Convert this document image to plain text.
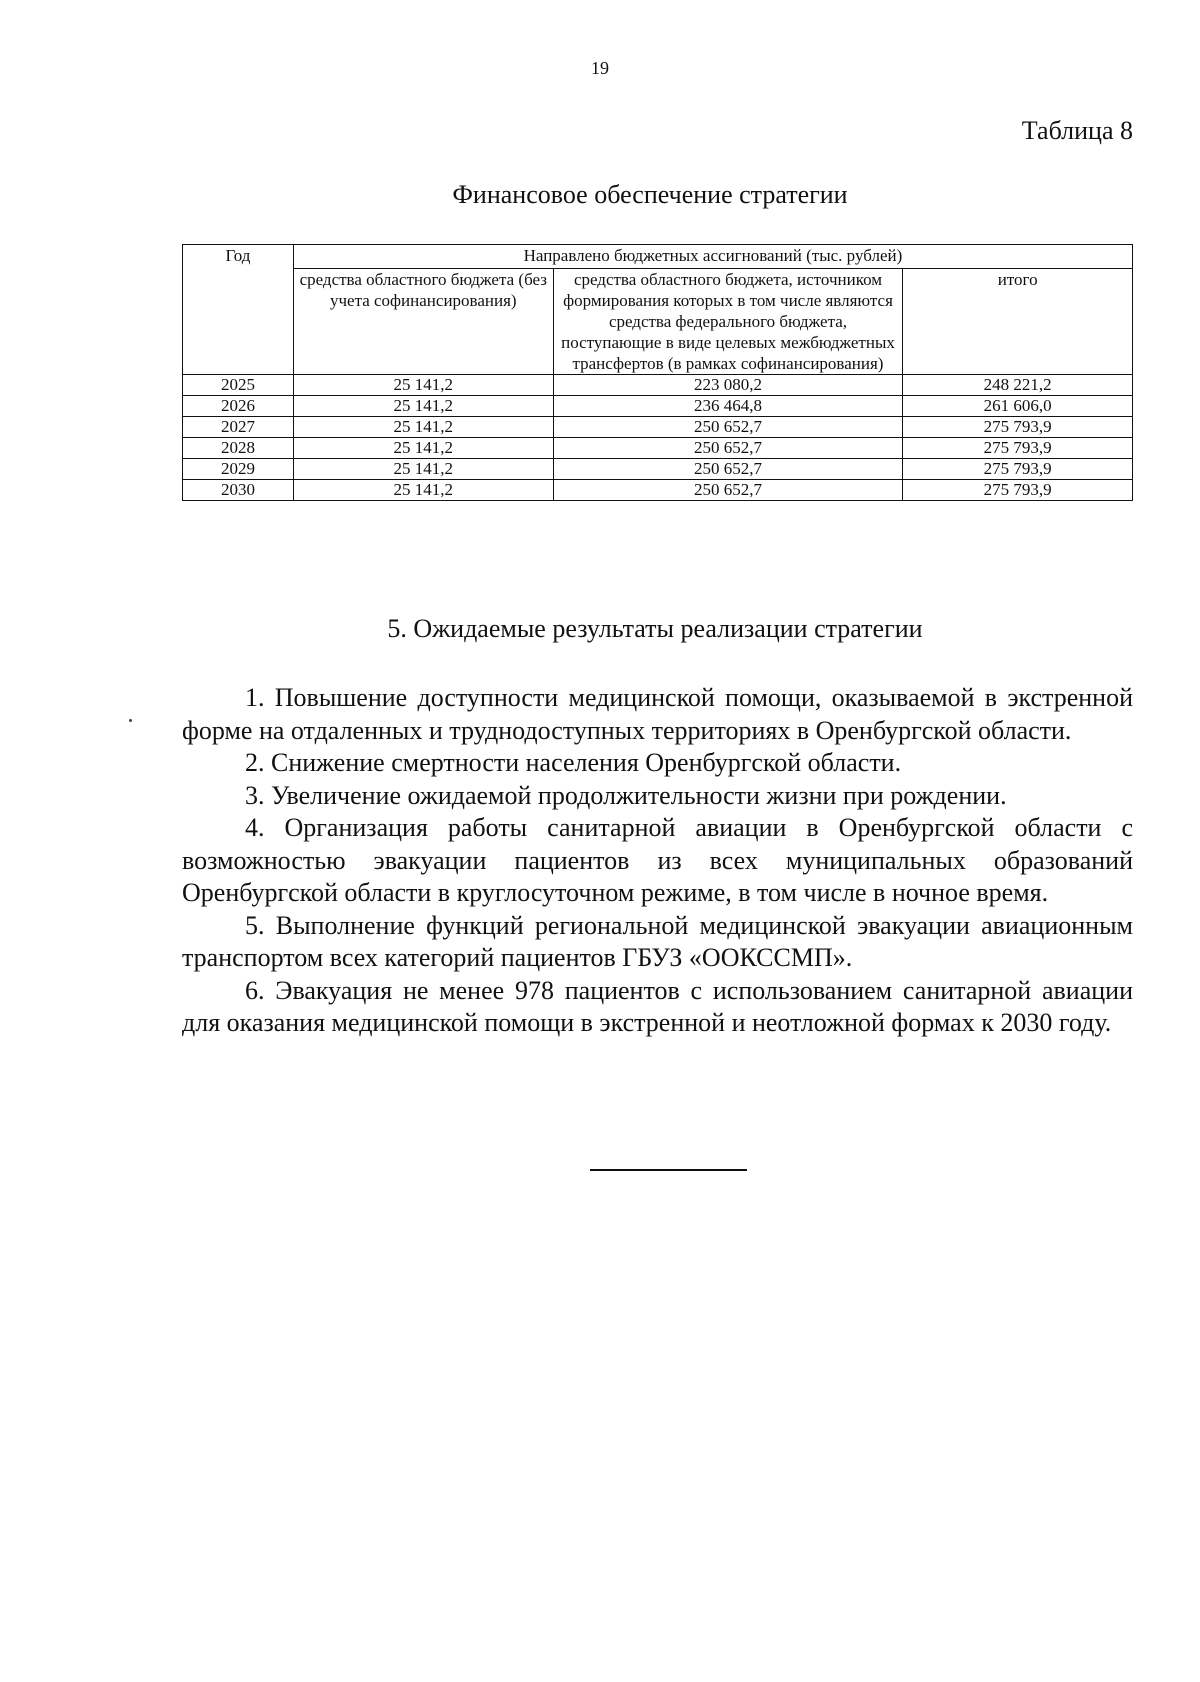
19
Таблица 8
Финансовое обеспечение стратегии
Год	Направлено бюджетных ассигнований (тыс. рублей)		
	средства областного бюджета (без учета софинансирования)	средства областного бюджета, источником формирования которых в том числе являются средства федерального бюджета, поступающие в виде целевых межбюджетных трансфертов (в рамках софинансирования)	итого
2025	25 141,2	223 080,2	248 221,2
2026	25 141,2	236 464,8	261 606,0
2027	25 141,2	250 652,7	275 793,9
2028	25 141,2	250 652,7	275 793,9
2029	25 141,2	250 652,7	275 793,9
2030	25 141,2	250 652,7	275 793,9
5. Ожидаемые результаты реализации стратегии

1. Повышение доступности медицинской помощи, оказываемой в экстренной форме на отдаленных и труднодоступных территориях в Оренбургской области.

2. Снижение смертности населения Оренбургской области.

3. Увеличение ожидаемой продолжительности жизни при рождении.

4. Организация работы санитарной авиации в Оренбургской области с возможностью эвакуации пациентов из всех муниципальных образований Оренбургской области в круглосуточном режиме, в том числе в ночное время.

5. Выполнение функций региональной медицинской эвакуации авиационным транспортом всех категорий пациентов ГБУЗ «ООКССМП».

6. Эвакуация не менее 978 пациентов с использованием санитарной авиации для оказания медицинской помощи в экстренной и неотложной формах к 2030 году.
